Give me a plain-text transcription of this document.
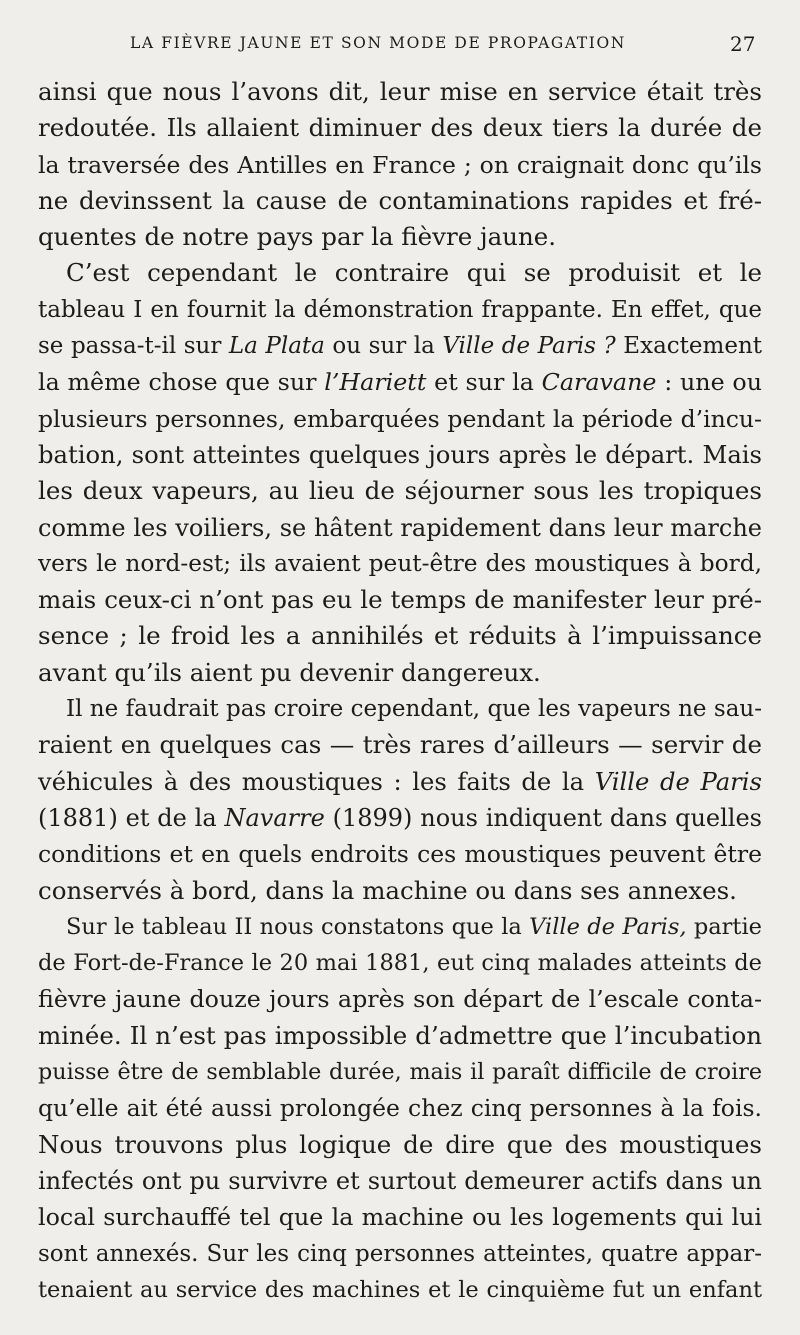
LA FIÈVRE JAUNE ET SON MODE DE PROPAGATION	27
ainsi que nous l’avons dit, leur mise en service était très
redoutée. Ils allaient diminuer des deux tiers la durée de
la traversée des Antilles en France ; on craignait donc qu’ils
ne devinssent la cause de contaminations rapides et fré-
quentes de notre pays par la fièvre jaune.
C’est cependant le contraire qui se produisit et le
tableau I en fournit la démonstration frappante. En effet, que
se passa-t-il sur La Plata ou sur la Ville de Paris ? Exactement
la même chose que sur l’Hariett et sur la Caravane : une ou
plusieurs personnes, embarquées pendant la période d’incu-
bation, sont atteintes quelques jours après le départ. Mais
les deux vapeurs, au lieu de séjourner sous les tropiques
comme les voiliers, se hâtent rapidement dans leur marche
vers le nord-est; ils avaient peut-être des moustiques à bord,
mais ceux-ci n’ont pas eu le temps de manifester leur pré-
sence ; le froid les a annihilés et réduits à l’impuissance
avant qu’ils aient pu devenir dangereux.
Il ne faudrait pas croire cependant, que les vapeurs ne sau-
raient en quelques cas — très rares d’ailleurs — servir de
véhicules à des moustiques : les faits de la Ville de Paris
(1881) et de la Navarre (1899) nous indiquent dans quelles
conditions et en quels endroits ces moustiques peuvent être
conservés à bord, dans la machine ou dans ses annexes.
Sur le tableau II nous constatons que la Ville de Paris, partie
de Fort-de-France le 20 mai 1881, eut cinq malades atteints de
fièvre jaune douze jours après son départ de l’escale conta-
minée. Il n’est pas impossible d’admettre que l’incubation
puisse être de semblable durée, mais il paraît difficile de croire
qu’elle ait été aussi prolongée chez cinq personnes à la fois.
Nous trouvons plus logique de dire que des moustiques
infectés ont pu survivre et surtout demeurer actifs dans un
local surchauffé tel que la machine ou les logements qui lui
sont annexés. Sur les cinq personnes atteintes, quatre appar-
tenaient au service des machines et le cinquième fut un enfant
